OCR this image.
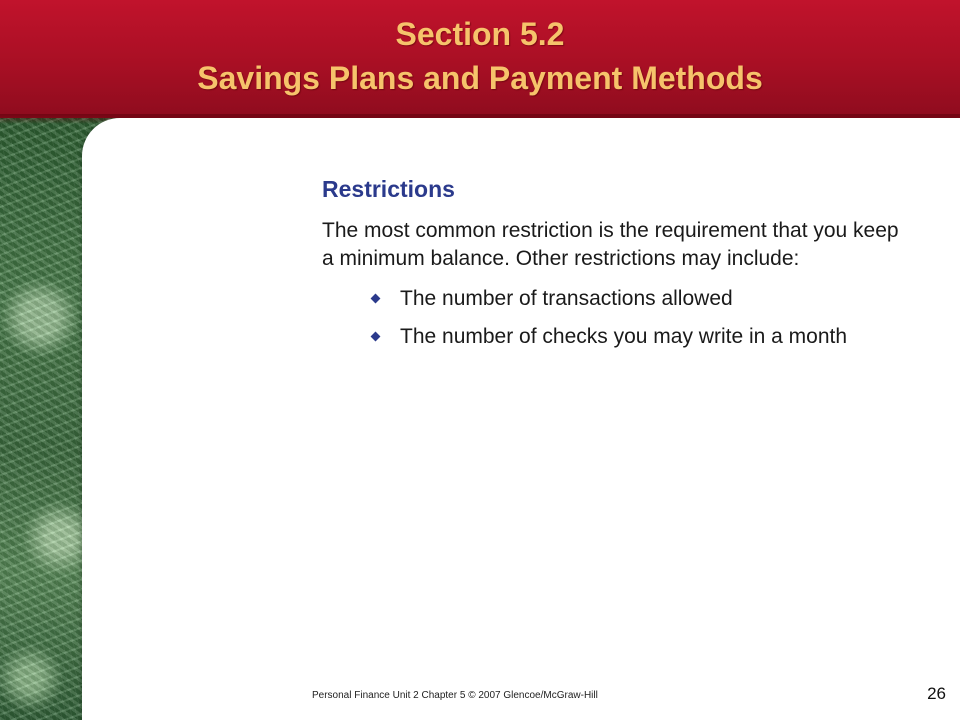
Section 5.2
Savings Plans and Payment Methods
Restrictions

The most common restriction is the requirement that you keep a minimum balance. Other restrictions may include:

The number of transactions allowed
The number of checks you may write in a month
Personal Finance Unit 2 Chapter 5 © 2007 Glencoe/McGraw-Hill	26
